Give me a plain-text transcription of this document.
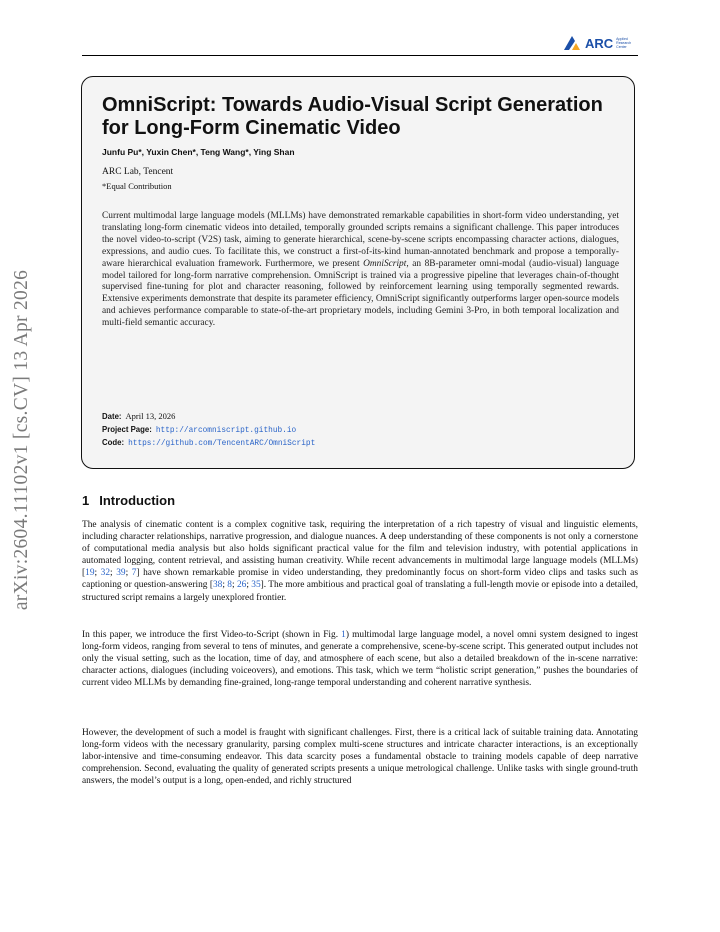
arXiv:2604.11102v1 [cs.CV] 13 Apr 2026
ARC Applied Research Center
OmniScript: Towards Audio-Visual Script Generation for Long-Form Cinematic Video
Junfu Pu*, Yuxin Chen*, Teng Wang*, Ying Shan
ARC Lab, Tencent
*Equal Contribution

Current multimodal large language models (MLLMs) have demonstrated remarkable capabilities in short-form video understanding, yet translating long-form cinematic videos into detailed, temporally grounded scripts remains a significant challenge. This paper introduces the novel video-to-script (V2S) task, aiming to generate hierarchical, scene-by-scene scripts encompassing character actions, dialogues, expressions, and audio cues. To facilitate this, we construct a first-of-its-kind human-annotated benchmark and propose a temporally-aware hierarchical evaluation framework. Furthermore, we present OmniScript, an 8B-parameter omni-modal (audio-visual) language model tailored for long-form narrative comprehension. OmniScript is trained via a progressive pipeline that leverages chain-of-thought supervised fine-tuning for plot and character reasoning, followed by reinforcement learning using temporally segmented rewards. Extensive experiments demonstrate that despite its parameter efficiency, OmniScript significantly outperforms larger open-source models and achieves performance comparable to state-of-the-art proprietary models, including Gemini 3-Pro, in both temporal localization and multi-field semantic accuracy.

Date: April 13, 2026
Project Page: http://arcomniscript.github.io
Code: https://github.com/TencentARC/OmniScript
1 Introduction

The analysis of cinematic content is a complex cognitive task, requiring the interpretation of a rich tapestry of visual and linguistic elements, including character relationships, narrative progression, and dialogue nuances. A deep understanding of these components is not only a cornerstone of computational media analysis but also holds significant practical value for the film and television industry, with potential applications in automated logging, content retrieval, and assisting human creativity. While recent advancements in multimodal large language models (MLLMs) [19; 32; 39; 7] have shown remarkable promise in video understanding, they predominantly focus on short-form video clips and tasks such as captioning or question-answering [38; 8; 26; 35]. The more ambitious and practical goal of translating a full-length movie or episode into a detailed, structured script remains a largely unexplored frontier.

In this paper, we introduce the first Video-to-Script (shown in Fig. 1) multimodal large language model, a novel omni system designed to ingest long-form videos, ranging from several to tens of minutes, and generate a comprehensive, scene-by-scene script. This generated output includes not only the visual setting, such as the location, time of day, and atmosphere of each scene, but also a detailed breakdown of the in-scene narrative: character actions, dialogues (including voiceovers), and emotions. This task, which we term “holistic script generation,” pushes the boundaries of current video MLLMs by demanding fine-grained, long-range temporal understanding and coherent narrative synthesis.

However, the development of such a model is fraught with significant challenges. First, there is a critical lack of suitable training data. Annotating long-form videos with the necessary granularity, parsing complex multi-scene structures and intricate character interactions, is an exceptionally labor-intensive and time-consuming endeavor. This data scarcity poses a fundamental obstacle to training models capable of deep narrative comprehension. Second, evaluating the quality of generated scripts presents a unique metrological challenge. Unlike tasks with single ground-truth answers, the model’s output is a long, open-ended, and richly structured
